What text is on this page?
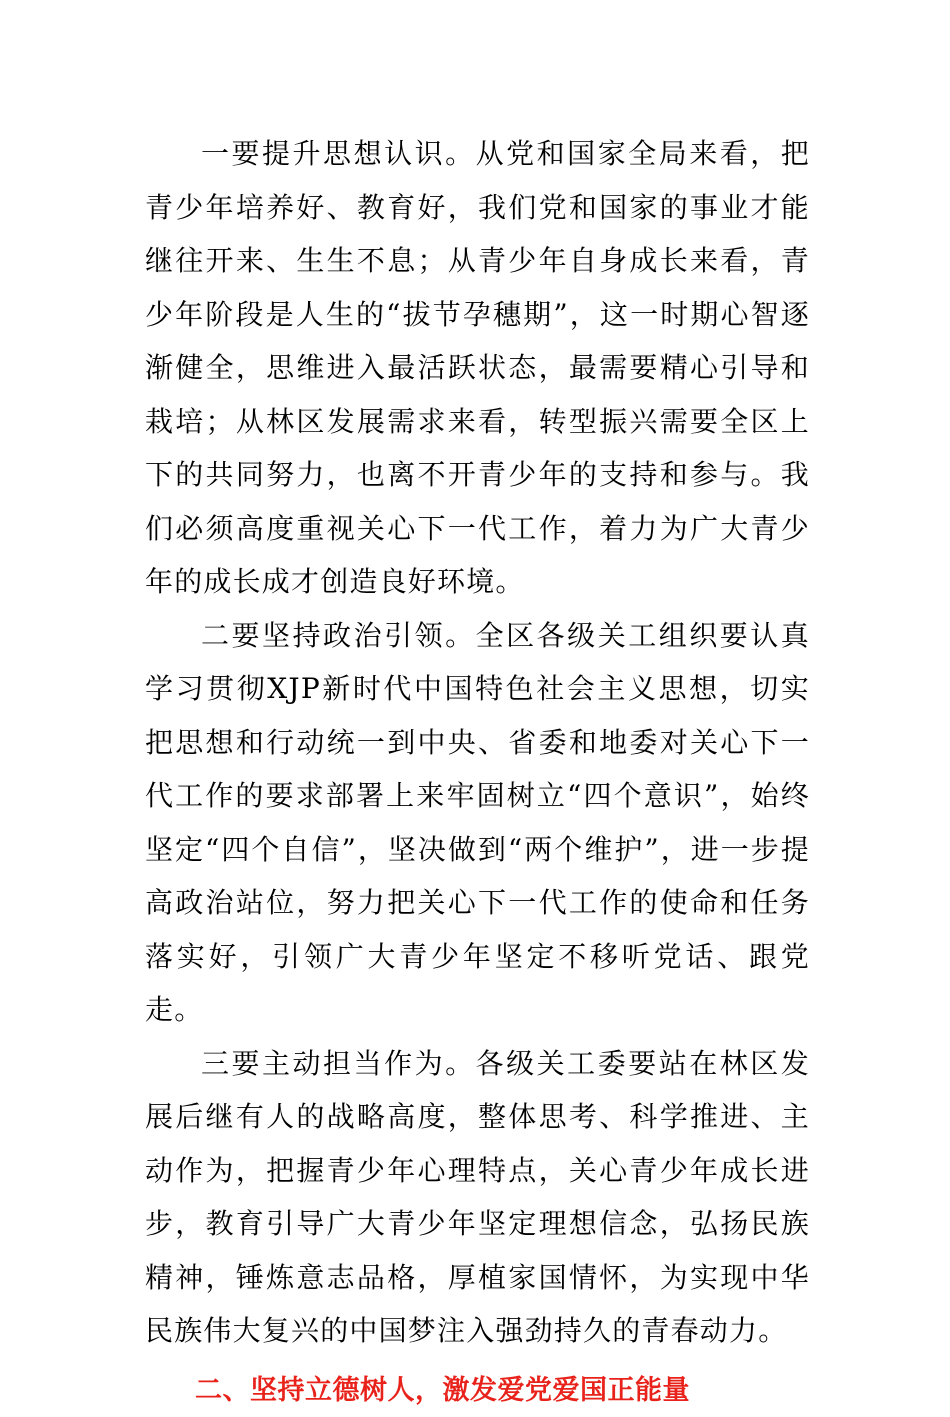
一要提升思想认识。从党和国家全局来看，把青少年培养好、教育好，我们党和国家的事业才能继往开来、生生不息；从青少年自身成长来看，青少年阶段是人生的“拔节孕穗期”，这一时期心智逐渐健全，思维进入最活跃状态，最需要精心引导和栽培；从林区发展需求来看，转型振兴需要全区上下的共同努力，也离不开青少年的支持和参与。我们必须高度重视关心下一代工作，着力为广大青少年的成长成才创造良好环境。

二要坚持政治引领。全区各级关工组织要认真学习贯彻XJP新时代中国特色社会主义思想，切实把思想和行动统一到中央、省委和地委对关心下一代工作的要求部署上来牢固树立“四个意识”，始终坚定“四个自信”，坚决做到“两个维护”，进一步提高政治站位，努力把关心下一代工作的使命和任务落实好，引领广大青少年坚定不移听党话、跟党走。

三要主动担当作为。各级关工委要站在林区发展后继有人的战略高度，整体思考、科学推进、主动作为，把握青少年心理特点，关心青少年成长进步，教育引导广大青少年坚定理想信念，弘扬民族精神，锤炼意志品格，厚植家国情怀，为实现中华民族伟大复兴的中国梦注入强劲持久的青春动力。

二、坚持立德树人，激发爱党爱国正能量
